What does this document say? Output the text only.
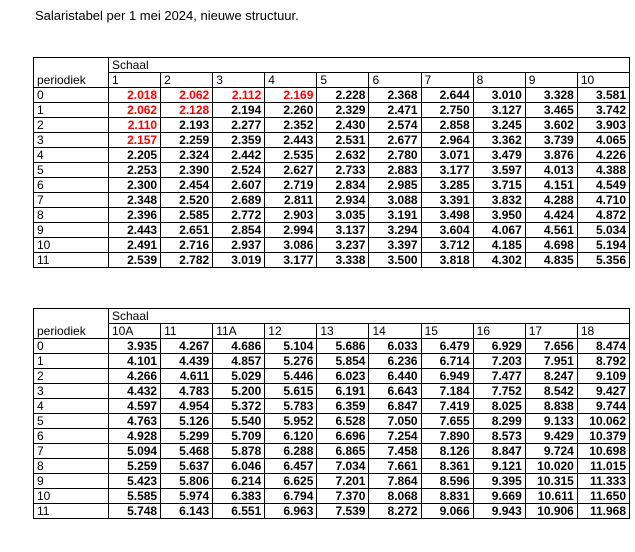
Salaristabel per 1 mei 2024, nieuwe structuur.
periodiek	Schaal									
	1	2	3	4	5	6	7	8	9	10
0	2.018	2.062	2.112	2.169	2.228	2.368	2.644	3.010	3.328	3.581
1	2.062	2.128	2.194	2.260	2.329	2.471	2.750	3.127	3.465	3.742
2	2.110	2.193	2.277	2.352	2.430	2.574	2.858	3.245	3.602	3.903
3	2.157	2.259	2.359	2.443	2.531	2.677	2.964	3.362	3.739	4.065
4	2.205	2.324	2.442	2.535	2.632	2.780	3.071	3.479	3.876	4.226
5	2.253	2.390	2.524	2.627	2.733	2.883	3.177	3.597	4.013	4.388
6	2.300	2.454	2.607	2.719	2.834	2.985	3.285	3.715	4.151	4.549
7	2.348	2.520	2.689	2.811	2.934	3.088	3.391	3.832	4.288	4.710
8	2.396	2.585	2.772	2.903	3.035	3.191	3.498	3.950	4.424	4.872
9	2.443	2.651	2.854	2.994	3.137	3.294	3.604	4.067	4.561	5.034
10	2.491	2.716	2.937	3.086	3.237	3.397	3.712	4.185	4.698	5.194
11	2.539	2.782	3.019	3.177	3.338	3.500	3.818	4.302	4.835	5.356
periodiek	Schaal									
	10A	11	11A	12	13	14	15	16	17	18
0	3.935	4.267	4.686	5.104	5.686	6.033	6.479	6.929	7.656	8.474
1	4.101	4.439	4.857	5.276	5.854	6.236	6.714	7.203	7.951	8.792
2	4.266	4.611	5.029	5.446	6.023	6.440	6.949	7.477	8.247	9.109
3	4.432	4.783	5.200	5.615	6.191	6.643	7.184	7.752	8.542	9.427
4	4.597	4.954	5.372	5.783	6.359	6.847	7.419	8.025	8.838	9.744
5	4.763	5.126	5.540	5.952	6.528	7.050	7.655	8.299	9.133	10.062
6	4.928	5.299	5.709	6.120	6.696	7.254	7.890	8.573	9.429	10.379
7	5.094	5.468	5.878	6.288	6.865	7.458	8.126	8.847	9.724	10.698
8	5.259	5.637	6.046	6.457	7.034	7.661	8.361	9.121	10.020	11.015
9	5.423	5.806	6.214	6.625	7.201	7.864	8.596	9.395	10.315	11.333
10	5.585	5.974	6.383	6.794	7.370	8.068	8.831	9.669	10.611	11.650
11	5.748	6.143	6.551	6.963	7.539	8.272	9.066	9.943	10.906	11.968
